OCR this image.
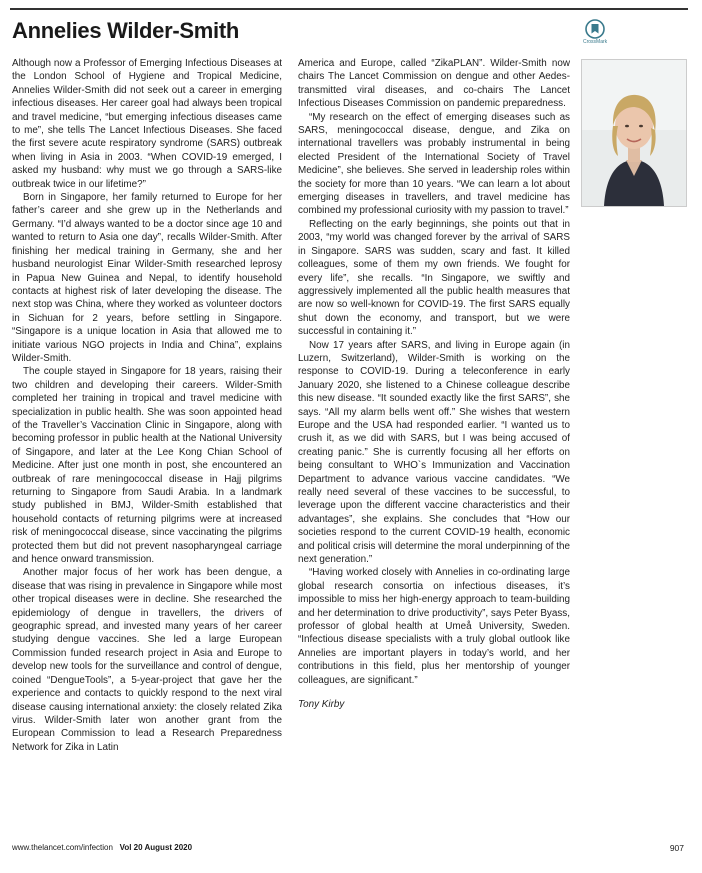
Annelies Wilder-Smith	CrossMark

Although now a Professor of Emerging Infectious Diseases at the London School of Hygiene and Tropical Medicine, Annelies Wilder-Smith did not seek out a career in emerging infectious diseases. Her career goal had always been tropical and travel medicine, “but emerging infectious diseases came to me”, she tells The Lancet Infectious Diseases. She faced the first severe acute respiratory syndrome (SARS) outbreak when living in Asia in 2003. “When COVID-19 emerged, I asked my husband: why must we go through a SARS-like outbreak twice in our lifetime?”

Born in Singapore, her family returned to Europe for her father’s career and she grew up in the Netherlands and Germany. “I’d always wanted to be a doctor since age 10 and wanted to return to Asia one day”, recalls Wilder-Smith. After finishing her medical training in Germany, she and her husband neurologist Einar Wilder-Smith researched leprosy in Papua New Guinea and Nepal, to identify household contacts at highest risk of later developing the disease. The next stop was China, where they worked as volunteer doctors in Sichuan for 2 years, before settling in Singapore. “Singapore is a unique location in Asia that allowed me to initiate various NGO projects in India and China”, explains Wilder-Smith.

The couple stayed in Singapore for 18 years, raising their two children and developing their careers. Wilder-Smith completed her training in tropical and travel medicine with specialization in public health. She was soon appointed head of the Traveller’s Vaccination Clinic in Singapore, along with becoming professor in public health at the National University of Singapore, and later at the Lee Kong Chian School of Medicine. After just one month in post, she encountered an outbreak of rare meningococcal disease in Hajj pilgrims returning to Singapore from Saudi Arabia. In a landmark study published in BMJ, Wilder-Smith established that household contacts of returning pilgrims were at increased risk of meningococcal disease, since vaccinating the pilgrims protected them but did not prevent nasopharyngeal carriage and hence onward transmission.

Another major focus of her work has been dengue, a disease that was rising in prevalence in Singapore while most other tropical diseases were in decline. She researched the epidemiology of dengue in travellers, the drivers of geographic spread, and invested many years of her career studying dengue vaccines. She led a large European Commission funded research project in Asia and Europe to develop new tools for the surveillance and control of dengue, coined “DengueTools”, a 5-year-project that gave her the experience and contacts to quickly respond to the next viral disease causing international anxiety: the closely related Zika virus. Wilder-Smith later won another grant from the European Commission to lead a Research Preparedness Network for Zika in Latin

America and Europe, called “ZikaPLAN”. Wilder-Smith now chairs The Lancet Commission on dengue and other Aedes-transmitted viral diseases, and co-chairs The Lancet Infectious Diseases Commission on pandemic preparedness.

“My research on the effect of emerging diseases such as SARS, meningococcal disease, dengue, and Zika on international travellers was probably instrumental in being elected President of the International Society of Travel Medicine”, she believes. She served in leadership roles within the society for more than 10 years. “We can learn a lot about emerging diseases in travellers, and travel medicine has combined my professional curiosity with my passion to travel.”

Reflecting on the early beginnings, she points out that in 2003, “my world was changed forever by the arrival of SARS in Singapore. SARS was sudden, scary and fast. It killed colleagues, some of them my own friends. We fought for every life”, she recalls. “In Singapore, we swiftly and aggressively implemented all the public health measures that are now so well-known for COVID-19. The first SARS equally shut down the economy, and transport, but we were successful in containing it.”

Now 17 years after SARS, and living in Europe again (in Luzern, Switzerland), Wilder-Smith is working on the response to COVID-19. During a teleconference in early January 2020, she listened to a Chinese colleague describe this new disease. “It sounded exactly like the first SARS”, she says. “All my alarm bells went off.” She wishes that western Europe and the USA had responded earlier. “I wanted us to crush it, as we did with SARS, but I was being accused of creating panic.” She is currently focusing all her efforts on being consultant to WHO`s Immunization and Vaccination Department to advance various vaccine candidates. “We really need several of these vaccines to be successful, to leverage upon the different vaccine characteristics and their advantages”, she explains. She concludes that “How our societies respond to the current COVID-19 health, economic and political crisis will determine the moral underpinning of the next generation.”

“Having worked closely with Annelies in co-ordinating large global research consortia on infectious diseases, it’s impossible to miss her high-energy approach to team-building and her determination to drive productivity”, says Peter Byass, professor of global health at Umeå University, Sweden. “Infectious disease specialists with a truly global outlook like Annelies are important players in today’s world, and her contributions in this field, plus her mentorship of younger colleagues, are significant.”

Tony Kirby
www.thelancet.com/infection Vol 20 August 2020	907
